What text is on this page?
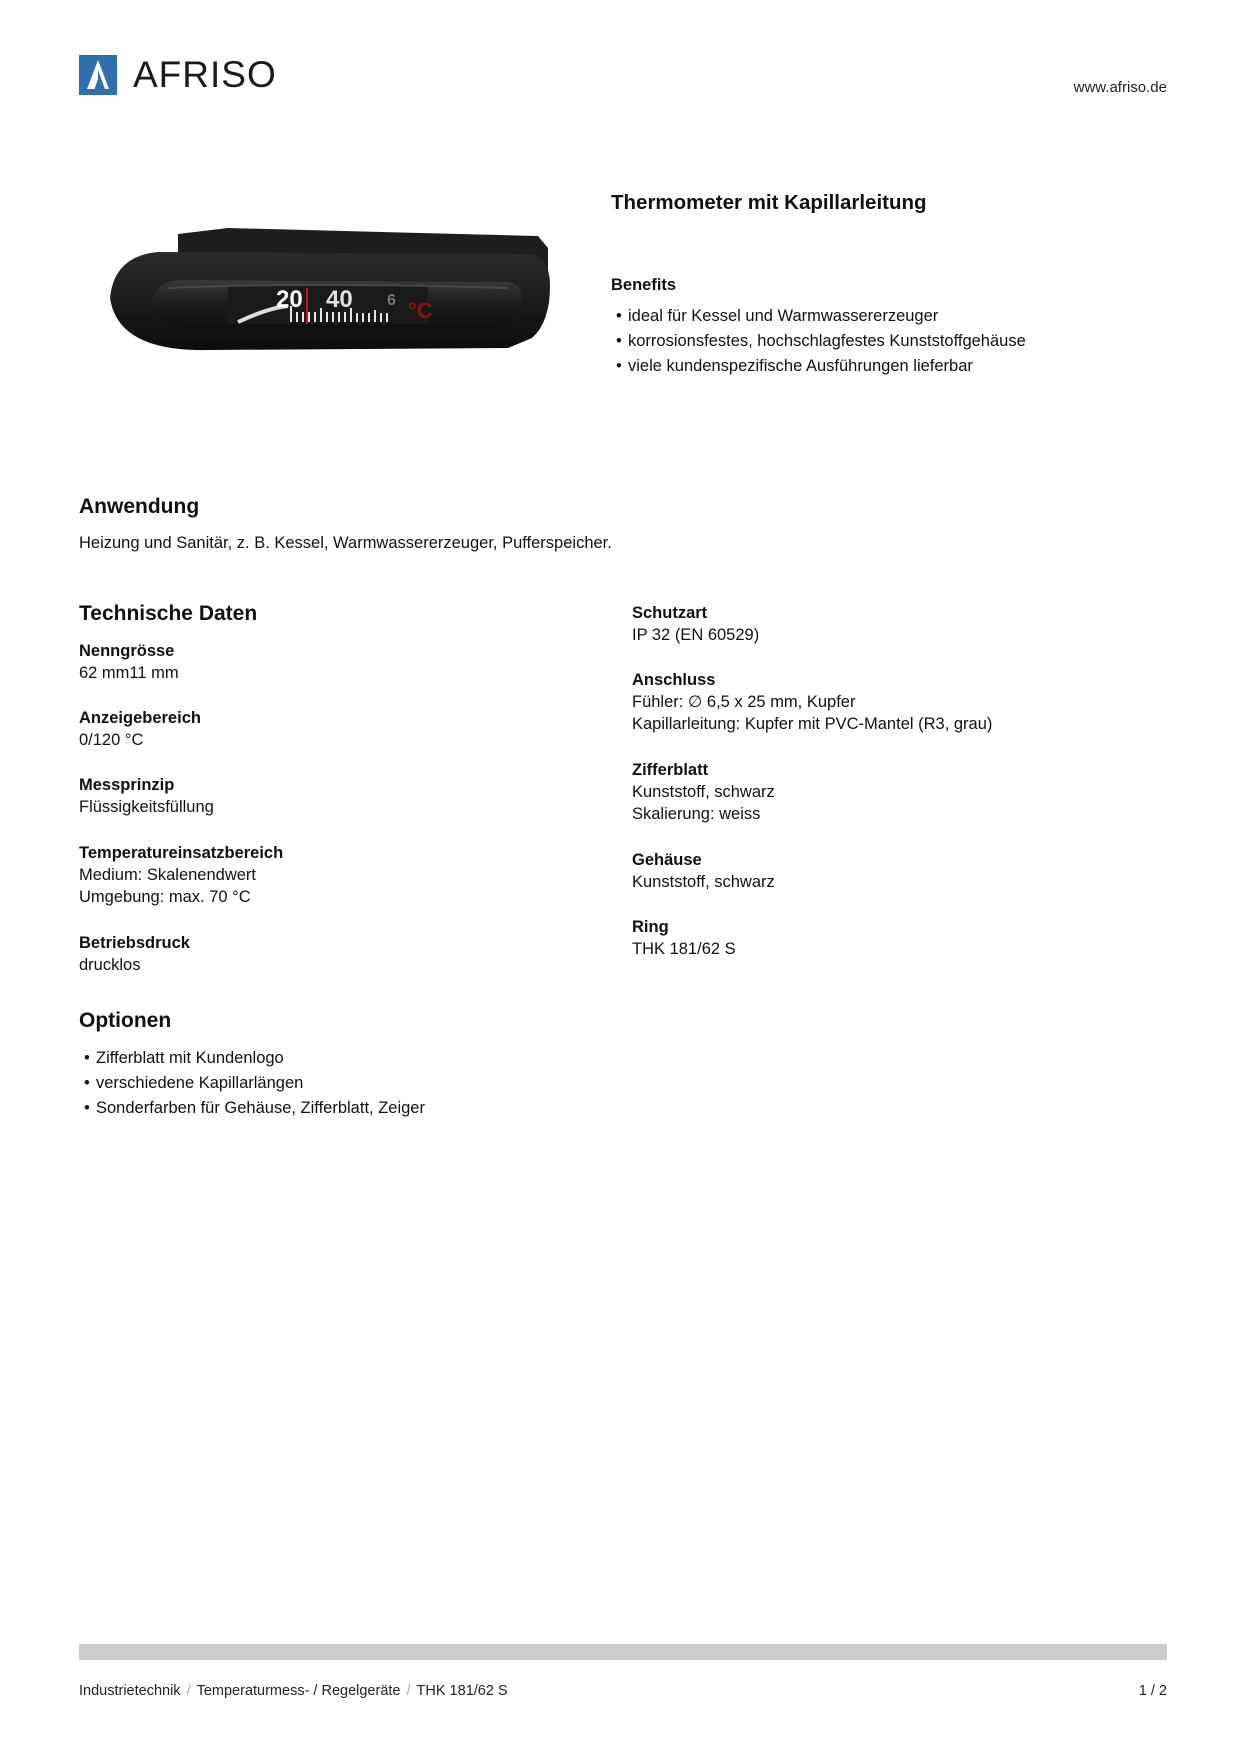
AFRISO	www.afriso.de
20 40 6 °C
Thermometer mit Kapillarleitung
Benefits
• ideal für Kessel und Warmwassererzeuger
• korrosionsfestes, hochschlagfestes Kunststoffgehäuse
• viele kundenspezifische Ausführungen lieferbar
Anwendung
Heizung und Sanitär, z. B. Kessel, Warmwassererzeuger, Pufferspeicher.
Technische Daten
Nenngrösse
62 mm11 mm
Anzeigebereich
0/120 °C
Messprinzip
Flüssigkeitsfüllung
Temperatureinsatzbereich
Medium: Skalenendwert
Umgebung: max. 70 °C
Betriebsdruck
drucklos
Schutzart
IP 32 (EN 60529)
Anschluss
Fühler: ∅ 6,5 x 25 mm, Kupfer
Kapillarleitung: Kupfer mit PVC-Mantel (R3, grau)
Zifferblatt
Kunststoff, schwarz
Skalierung: weiss
Gehäuse
Kunststoff, schwarz
Ring
THK 181/62 S
Optionen
• Zifferblatt mit Kundenlogo
• verschiedene Kapillarlängen
• Sonderfarben für Gehäuse, Zifferblatt, Zeiger
Industrietechnik / Temperaturmess- / Regelgeräte / THK 181/62 S	1 / 2
